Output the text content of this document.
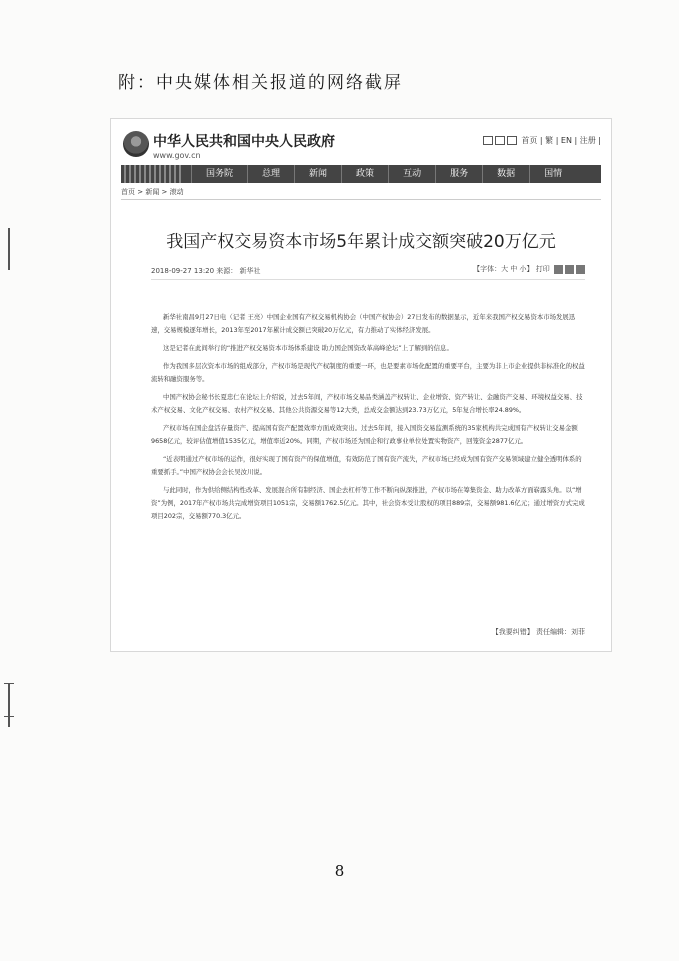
附：中央媒体相关报道的网络截屏
中华人民共和国中央人民政府
www.gov.cn
首页 | 繁 | EN | 注册 |
国务院	总理	新闻	政策	互动	服务	数据	国情
首页 > 新闻 > 滚动
我国产权交易资本市场5年累计成交额突破20万亿元
2018-09-27 13:20 来源： 新华社	【字体：大 中 小】 打印

新华社南昌9月27日电（记者 王亮）中国企业国有产权交易机构协会（中国产权协会）27日发布的数据显示，近年来我国产权交易资本市场发展迅速，交易规模逐年增长，2013年至2017年累计成交额已突破20万亿元，有力推动了实体经济发展。

这是记者在此间举行的“推进产权交易资本市场体系建设 助力国企国资改革高峰论坛”上了解到的信息。

作为我国多层次资本市场的组成部分，产权市场是现代产权制度的重要一环，也是要素市场化配置的重要平台，主要为非上市企业提供非标准化的权益流转和融资服务等。

中国产权协会秘书长夏忠仁在论坛上介绍说，过去5年间，产权市场交易品类涵盖产权转让、企业增资、资产转让、金融资产交易、环境权益交易、技术产权交易、文化产权交易、农村产权交易、其他公共资源交易等12大类，总成交金额达到23.73万亿元，5年复合增长率24.89%。

产权市场在国企盘活存量资产、提高国有资产配置效率方面成效突出。过去5年间，接入国资交易监测系统的35家机构共完成国有产权转让交易金额9658亿元，较评估值增值1535亿元，增值率近20%。同期，产权市场还为国企和行政事业单位处置实物资产，回笼资金2877亿元。

“近表明通过产权市场的运作，很好实现了国有资产的保值增值，有效防范了国有资产流失，产权市场已经成为国有资产交易领域建立健全透明体系的重要抓手。”中国产权协会会长吴汝川说。

与此同时，作为供给侧结构性改革、发展混合所有制经济、国企去杠杆等工作不断向纵深推进，产权市场在筹集资金、助力改革方面崭露头角。以“增资”为例，2017年产权市场共完成增资项目1051宗，交易额1762.5亿元。其中，社会资本受让股权的项目889宗，交易额981.6亿元；通过增资方式完成项目202宗，交易额770.3亿元。

【我要纠错】 责任编辑：刘菲
8
